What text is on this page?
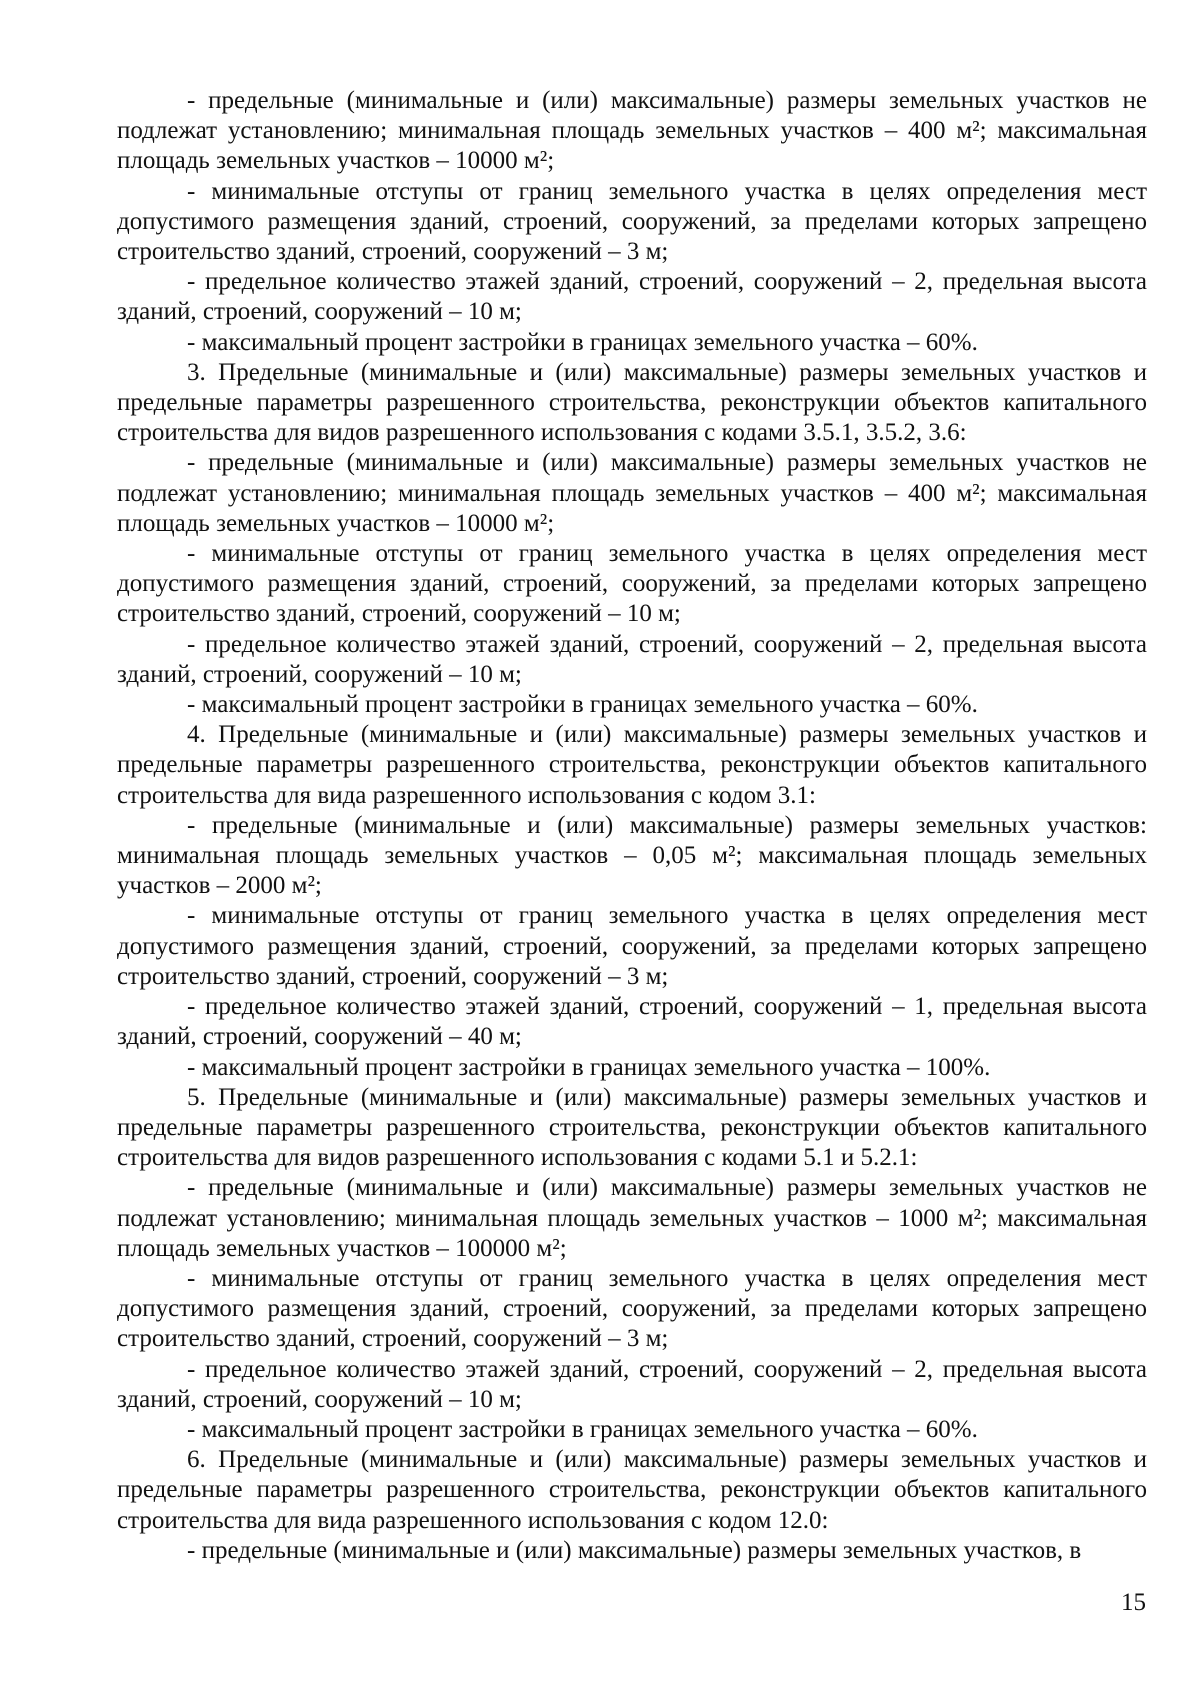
- предельные (минимальные и (или) максимальные) размеры земельных участков не подлежат установлению; минимальная площадь земельных участков – 400 м²; максимальная площадь земельных участков – 10000 м²;

- минимальные отступы от границ земельного участка в целях определения мест допустимого размещения зданий, строений, сооружений, за пределами которых запрещено строительство зданий, строений, сооружений – 3 м;

- предельное количество этажей зданий, строений, сооружений – 2, предельная высота зданий, строений, сооружений – 10 м;

- максимальный процент застройки в границах земельного участка – 60%.

3. Предельные (минимальные и (или) максимальные) размеры земельных участков и предельные параметры разрешенного строительства, реконструкции объектов капитального строительства для видов разрешенного использования с кодами 3.5.1, 3.5.2, 3.6:

- предельные (минимальные и (или) максимальные) размеры земельных участков не подлежат установлению; минимальная площадь земельных участков – 400 м²; максимальная площадь земельных участков – 10000 м²;

- минимальные отступы от границ земельного участка в целях определения мест допустимого размещения зданий, строений, сооружений, за пределами которых запрещено строительство зданий, строений, сооружений – 10 м;

- предельное количество этажей зданий, строений, сооружений – 2, предельная высота зданий, строений, сооружений – 10 м;

- максимальный процент застройки в границах земельного участка – 60%.

4. Предельные (минимальные и (или) максимальные) размеры земельных участков и предельные параметры разрешенного строительства, реконструкции объектов капитального строительства для вида разрешенного использования с кодом 3.1:

- предельные (минимальные и (или) максимальные) размеры земельных участков: минимальная площадь земельных участков – 0,05 м²; максимальная площадь земельных участков – 2000 м²;

- минимальные отступы от границ земельного участка в целях определения мест допустимого размещения зданий, строений, сооружений, за пределами которых запрещено строительство зданий, строений, сооружений – 3 м;

- предельное количество этажей зданий, строений, сооружений – 1, предельная высота зданий, строений, сооружений – 40 м;

- максимальный процент застройки в границах земельного участка – 100%.

5. Предельные (минимальные и (или) максимальные) размеры земельных участков и предельные параметры разрешенного строительства, реконструкции объектов капитального строительства для видов разрешенного использования с кодами 5.1 и 5.2.1:

- предельные (минимальные и (или) максимальные) размеры земельных участков не подлежат установлению; минимальная площадь земельных участков – 1000 м²; максимальная площадь земельных участков – 100000 м²;

- минимальные отступы от границ земельного участка в целях определения мест допустимого размещения зданий, строений, сооружений, за пределами которых запрещено строительство зданий, строений, сооружений – 3 м;

- предельное количество этажей зданий, строений, сооружений – 2, предельная высота зданий, строений, сооружений – 10 м;

- максимальный процент застройки в границах земельного участка – 60%.

6. Предельные (минимальные и (или) максимальные) размеры земельных участков и предельные параметры разрешенного строительства, реконструкции объектов капитального строительства для вида разрешенного использования с кодом 12.0:

- предельные (минимальные и (или) максимальные) размеры земельных участков, в

15
